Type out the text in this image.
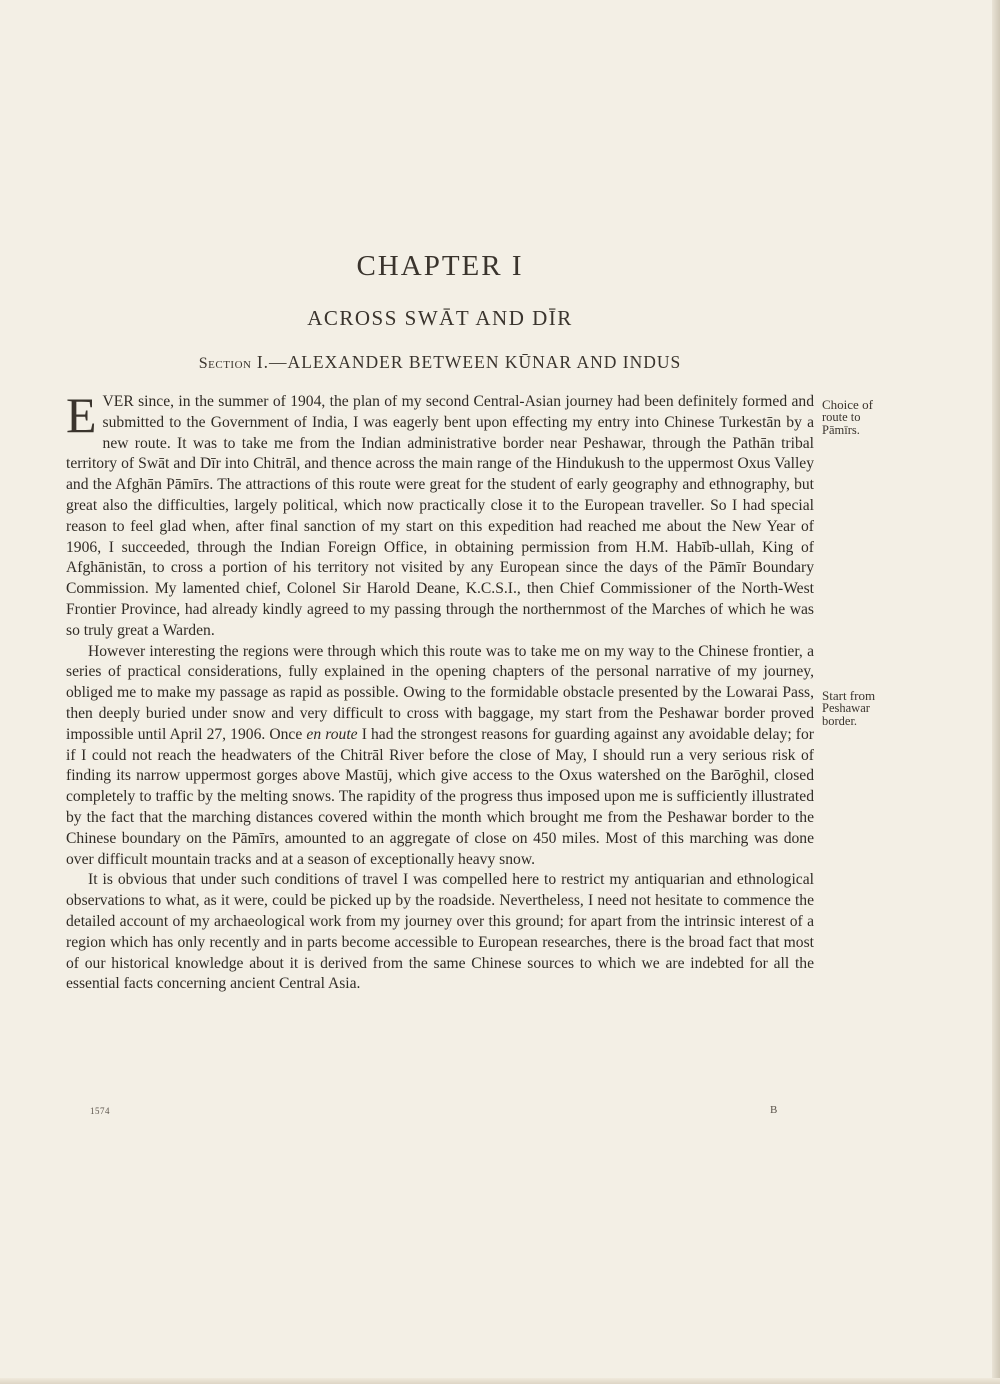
CHAPTER I
ACROSS SWĀT AND DĪR
Section I.—ALEXANDER BETWEEN KŪNAR AND INDUS

EVER since, in the summer of 1904, the plan of my second Central-Asian journey had been definitely formed and submitted to the Government of India, I was eagerly bent upon effecting my entry into Chinese Turkestān by a new route. It was to take me from the Indian administrative border near Peshawar, through the Pathān tribal territory of Swāt and Dīr into Chitrāl, and thence across the main range of the Hindukush to the uppermost Oxus Valley and the Afghān Pāmīrs. The attractions of this route were great for the student of early geography and ethnography, but great also the difficulties, largely political, which now practically close it to the European traveller. So I had special reason to feel glad when, after final sanction of my start on this expedition had reached me about the New Year of 1906, I succeeded, through the Indian Foreign Office, in obtaining permission from H.M. Habīb-ullah, King of Afghānistān, to cross a portion of his territory not visited by any European since the days of the Pāmīr Boundary Commission. My lamented chief, Colonel Sir Harold Deane, K.C.S.I., then Chief Commissioner of the North-West Frontier Province, had already kindly agreed to my passing through the northernmost of the Marches of which he was so truly great a Warden.

However interesting the regions were through which this route was to take me on my way to the Chinese frontier, a series of practical considerations, fully explained in the opening chapters of the personal narrative of my journey, obliged me to make my passage as rapid as possible. Owing to the formidable obstacle presented by the Lowarai Pass, then deeply buried under snow and very difficult to cross with baggage, my start from the Peshawar border proved impossible until April 27, 1906. Once en route I had the strongest reasons for guarding against any avoidable delay; for if I could not reach the headwaters of the Chitrāl River before the close of May, I should run a very serious risk of finding its narrow uppermost gorges above Mastūj, which give access to the Oxus watershed on the Barōghil, closed completely to traffic by the melting snows. The rapidity of the progress thus imposed upon me is sufficiently illustrated by the fact that the marching distances covered within the month which brought me from the Peshawar border to the Chinese boundary on the Pāmīrs, amounted to an aggregate of close on 450 miles. Most of this marching was done over difficult mountain tracks and at a season of exceptionally heavy snow.

It is obvious that under such conditions of travel I was compelled here to restrict my antiquarian and ethnological observations to what, as it were, could be picked up by the roadside. Nevertheless, I need not hesitate to commence the detailed account of my archaeological work from my journey over this ground; for apart from the intrinsic interest of a region which has only recently and in parts become accessible to European researches, there is the broad fact that most of our historical knowledge about it is derived from the same Chinese sources to which we are indebted for all the essential facts concerning ancient Central Asia.

Choice of
route to
Pāmīrs.
Start from
Peshawar
border.
1574	B
